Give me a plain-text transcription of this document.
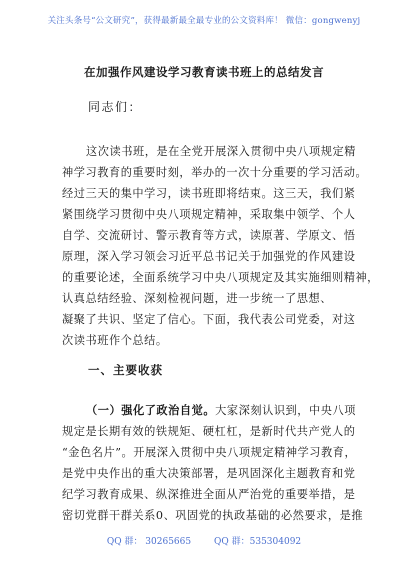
关注头条号“公文研究”，获得最新最全最专业的公文资料库！ 微信：gongwenyj
在加强作风建设学习教育读书班上的总结发言
同志们：
这次读书班，是在全党开展深入贯彻中央八项规定精
神学习教育的重要时刻，举办的一次十分重要的学习活动。
经过三天的集中学习，读书班即将结束。这三天，我们紧
紧围绕学习贯彻中央八项规定精神，采取集中领学、个人
自学、交流研讨、警示教育等方式，读原著、学原文、悟
原理，深入学习领会习近平总书记关于加强党的作风建设
的重要论述，全面系统学习中央八项规定及其实施细则精神，
认真总结经验、深刻检视问题，进一步统一了思想、
凝聚了共识、坚定了信心。下面，我代表公司党委，对这
次读书班作个总结。
一、主要收获
（一）强化了政治自觉。大家深刻认识到，中央八项
规定是长期有效的铁规矩、硬杠杠，是新时代共产党人的
“金色名片”。开展深入贯彻中央八项规定精神学习教育，
是党中央作出的重大决策部署，是巩固深化主题教育和党
纪学习教育成果、纵深推进全面从严治党的重要举措，是
密切党群干群关系0、巩固党的执政基础的必然要求，是推
QQ 群： 30265665	QQ 群：535304092
